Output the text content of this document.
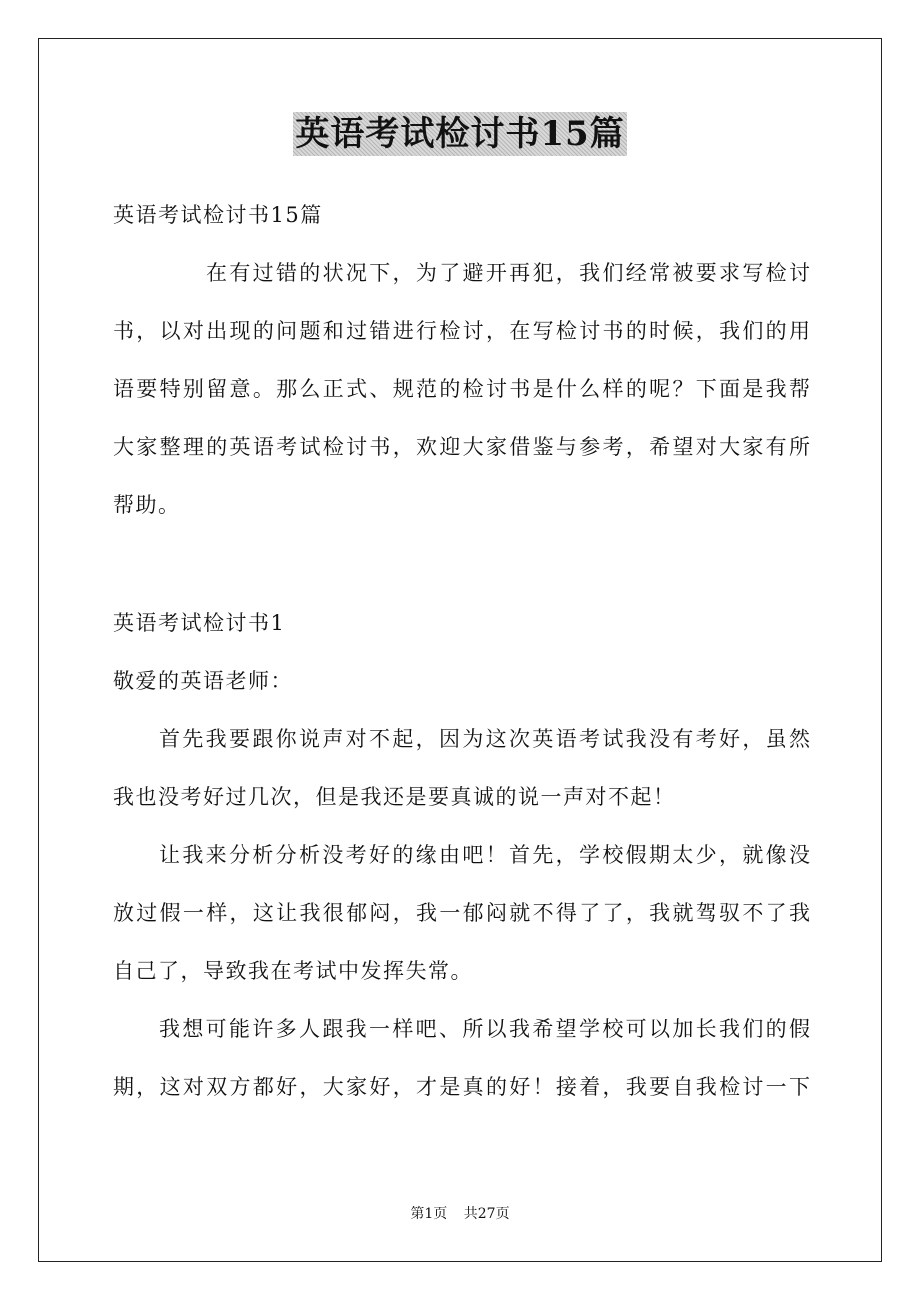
英语考试检讨书15篇
英语考试检讨书15篇
在有过错的状况下，为了避开再犯，我们经常被要求写检讨
书，以对出现的问题和过错进行检讨，在写检讨书的时候，我们的用
语要特别留意。那么正式、规范的检讨书是什么样的呢？下面是我帮
大家整理的英语考试检讨书，欢迎大家借鉴与参考，希望对大家有所
帮助。
英语考试检讨书1
敬爱的英语老师：
首先我要跟你说声对不起，因为这次英语考试我没有考好，虽然
我也没考好过几次，但是我还是要真诚的说一声对不起！
让我来分析分析没考好的缘由吧！首先，学校假期太少，就像没
放过假一样，这让我很郁闷，我一郁闷就不得了了，我就驾驭不了我
自己了，导致我在考试中发挥失常。
我想可能许多人跟我一样吧、所以我希望学校可以加长我们的假
期，这对双方都好，大家好，才是真的好！接着，我要自我检讨一下
第1页 共27页
